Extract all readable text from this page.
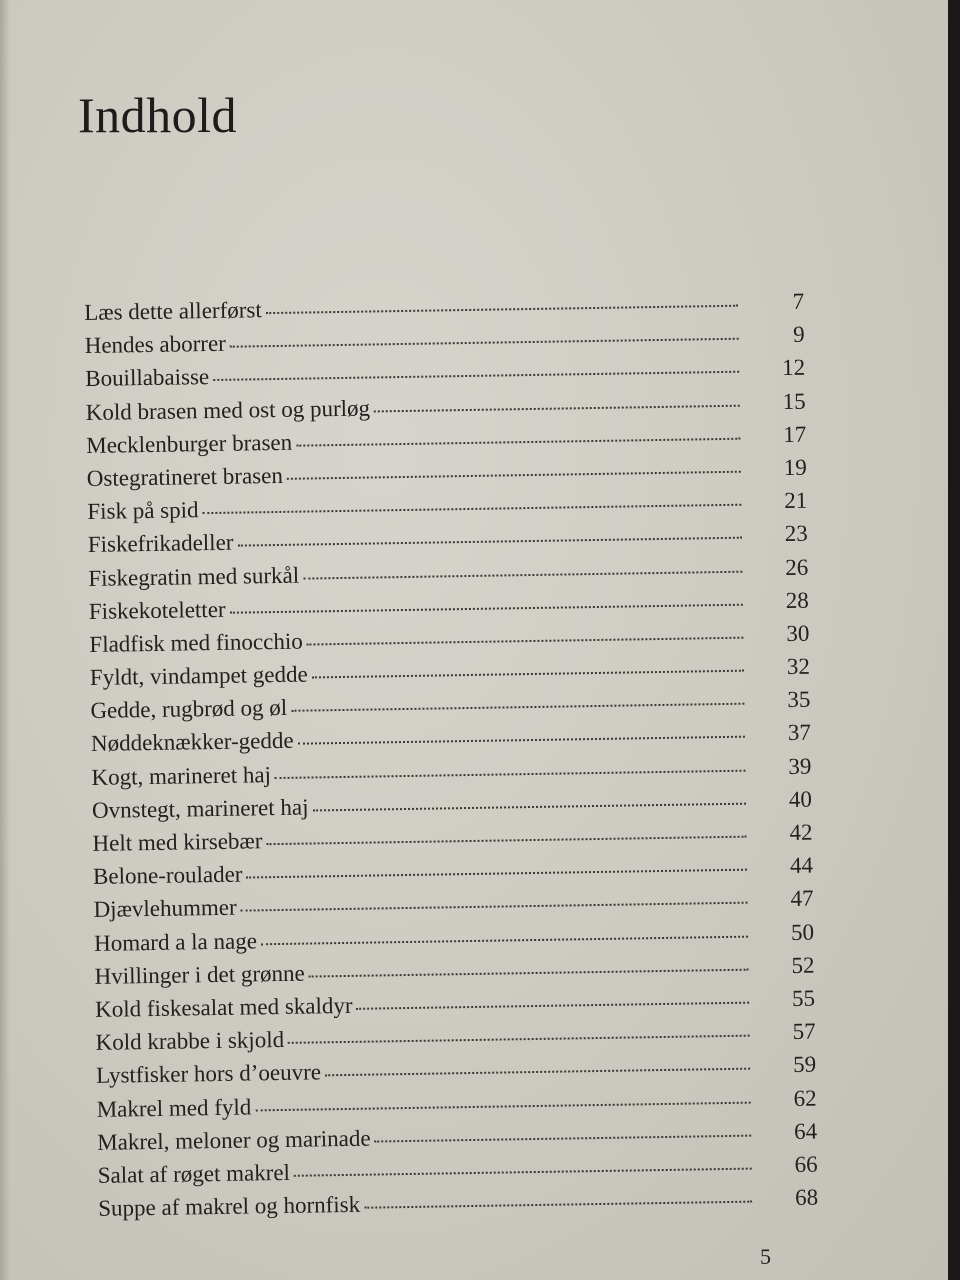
Indhold
Læs dette allerførst	7
Hendes aborrer	9
Bouillabaisse	12
Kold brasen med ost og purløg	15
Mecklenburger brasen	17
Ostegratineret brasen	19
Fisk på spid	21
Fiskefrikadeller	23
Fiskegratin med surkål	26
Fiskekoteletter	28
Fladfisk med finocchio	30
Fyldt, vindampet gedde	32
Gedde, rugbrød og øl	35
Nøddeknækker-gedde	37
Kogt, marineret haj	39
Ovnstegt, marineret haj	40
Helt med kirsebær	42
Belone-roulader	44
Djævlehummer	47
Homard a la nage	50
Hvillinger i det grønne	52
Kold fiskesalat med skaldyr	55
Kold krabbe i skjold	57
Lystfisker hors d’oeuvre	59
Makrel med fyld	62
Makrel, meloner og marinade	64
Salat af røget makrel	66
Suppe af makrel og hornfisk	68
5
